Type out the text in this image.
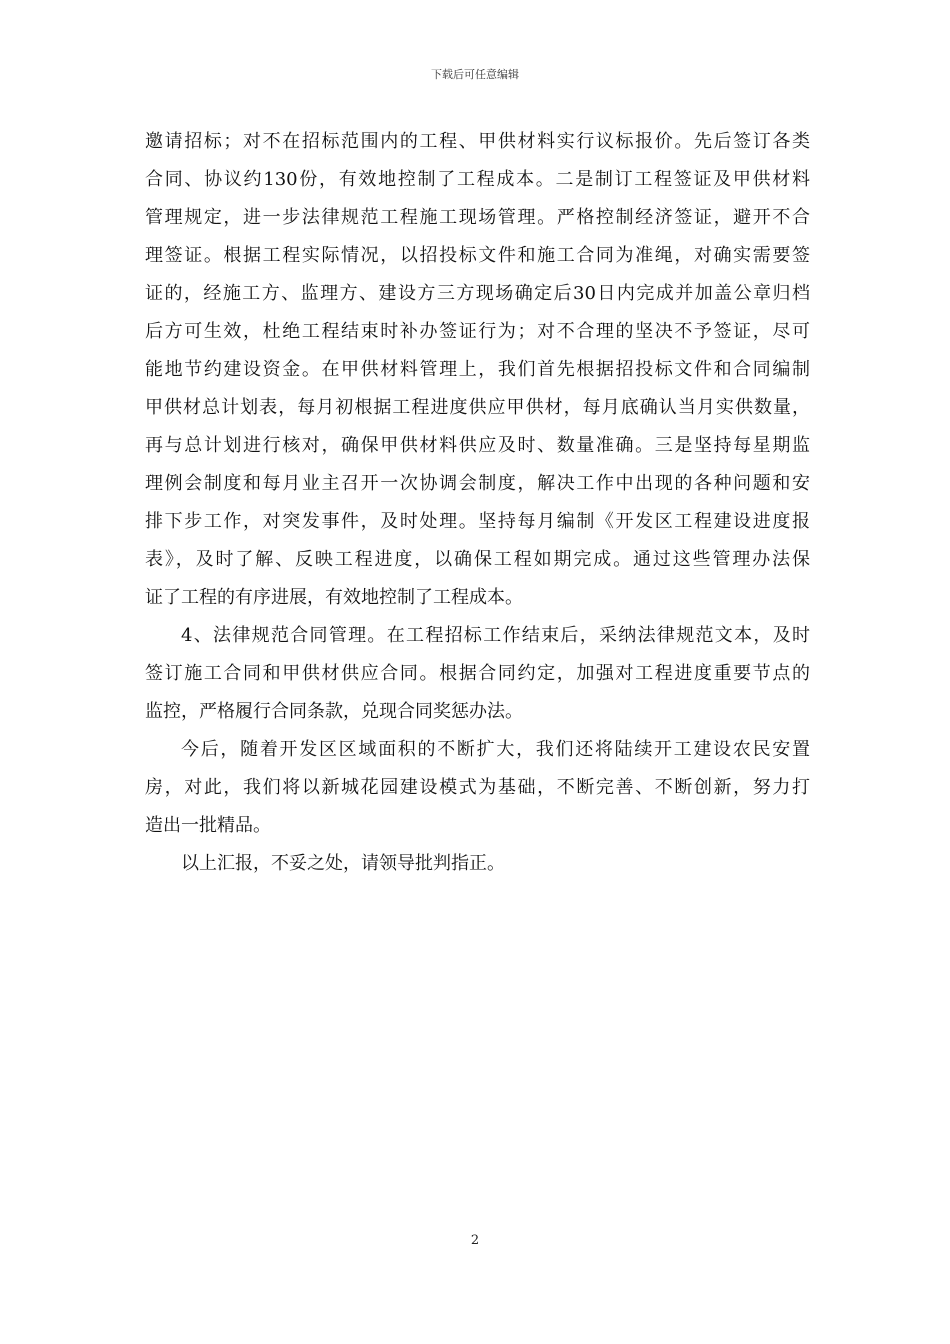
下载后可任意编辑
邀请招标；对不在招标范围内的工程、甲供材料实行议标报价。先后签订各类
合同、协议约130份，有效地控制了工程成本。二是制订工程签证及甲供材料
管理规定，进一步法律规范工程施工现场管理。严格控制经济签证，避开不合
理签证。根据工程实际情况，以招投标文件和施工合同为准绳，对确实需要签
证的，经施工方、监理方、建设方三方现场确定后30日内完成并加盖公章归档
后方可生效，杜绝工程结束时补办签证行为；对不合理的坚决不予签证，尽可
能地节约建设资金。在甲供材料管理上，我们首先根据招投标文件和合同编制
甲供材总计划表，每月初根据工程进度供应甲供材，每月底确认当月实供数量，
再与总计划进行核对，确保甲供材料供应及时、数量准确。三是坚持每星期监
理例会制度和每月业主召开一次协调会制度，解决工作中出现的各种问题和安
排下步工作，对突发事件，及时处理。坚持每月编制《开发区工程建设进度报
表》，及时了解、反映工程进度，以确保工程如期完成。通过这些管理办法保
证了工程的有序进展，有效地控制了工程成本。
4、法律规范合同管理。在工程招标工作结束后，采纳法律规范文本，及时
签订施工合同和甲供材供应合同。根据合同约定，加强对工程进度重要节点的
监控，严格履行合同条款，兑现合同奖惩办法。
今后，随着开发区区域面积的不断扩大，我们还将陆续开工建设农民安置
房，对此，我们将以新城花园建设模式为基础，不断完善、不断创新，努力打
造出一批精品。
以上汇报，不妥之处，请领导批判指正。
2
